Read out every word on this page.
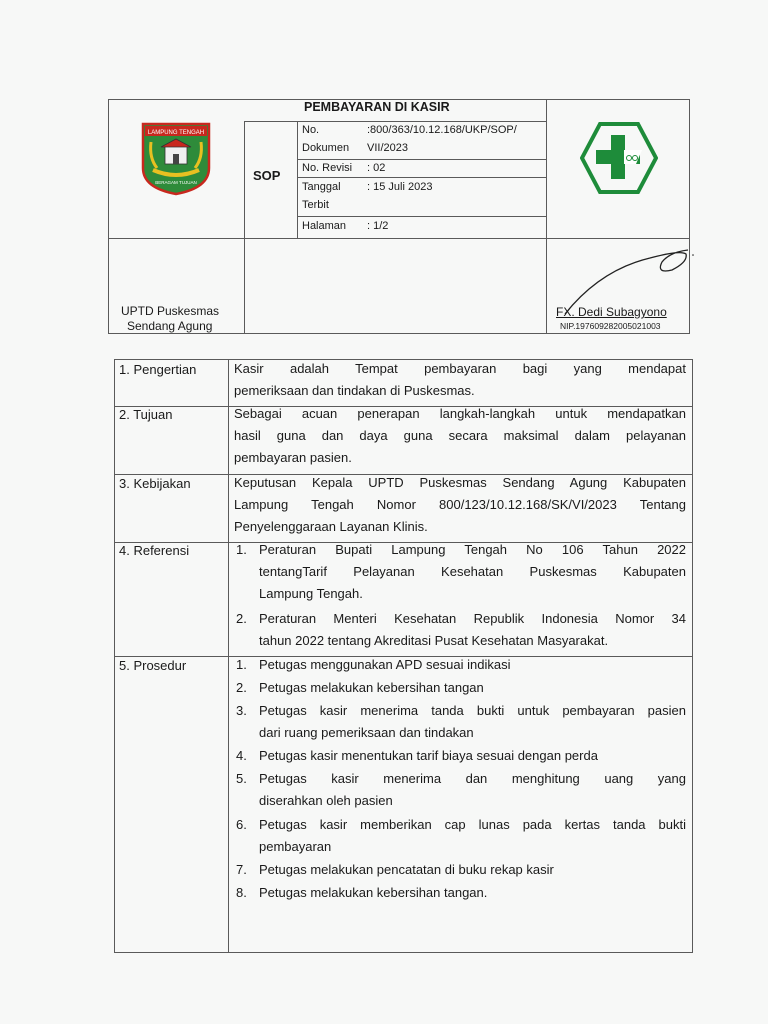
PEMBAYARAN DI KASIR
SOP
No.	:800/363/10.12.168/UKP/SOP/
Dokumen VII/2023
No. Revisi : 02
Tanggal : 15 Juli 2023
Terbit
Halaman : 1/2
LAMPUNG TENGAH
BERAGAM TUJUAN
UPTD Puskesmas
Sendang Agung
FX. Dedi Subagyono
NIP.197609282005021003
1. Pengertian
2. Tujuan
3. Kebijakan
4. Referensi
5. Prosedur
Kasir adalah Tempat pembayaran bagi yang mendapat
pemeriksaan dan tindakan di Puskesmas.
Sebagai acuan penerapan langkah-langkah untuk mendapatkan
hasil guna dan daya guna secara maksimal dalam pelayanan
pembayaran pasien.
Keputusan Kepala UPTD Puskesmas Sendang Agung Kabupaten
Lampung Tengah Nomor 800/123/10.12.168/SK/VI/2023 Tentang
Penyelenggaraan Layanan Klinis.
1. Peraturan Bupati Lampung Tengah No 106 Tahun 2022
tentangTarif Pelayanan Kesehatan Puskesmas Kabupaten
Lampung Tengah.
2. Peraturan Menteri Kesehatan Republik Indonesia Nomor 34
tahun 2022 tentang Akreditasi Pusat Kesehatan Masyarakat.
1. Petugas menggunakan APD sesuai indikasi
2. Petugas melakukan kebersihan tangan
3. Petugas kasir menerima tanda bukti untuk pembayaran pasien
dari ruang pemeriksaan dan tindakan
4. Petugas kasir menentukan tarif biaya sesuai dengan perda
5. Petugas kasir menerima dan menghitung uang yang
diserahkan oleh pasien
6. Petugas kasir memberikan cap lunas pada kertas tanda bukti
pembayaran
7. Petugas melakukan pencatatan di buku rekap kasir
8. Petugas melakukan kebersihan tangan.
